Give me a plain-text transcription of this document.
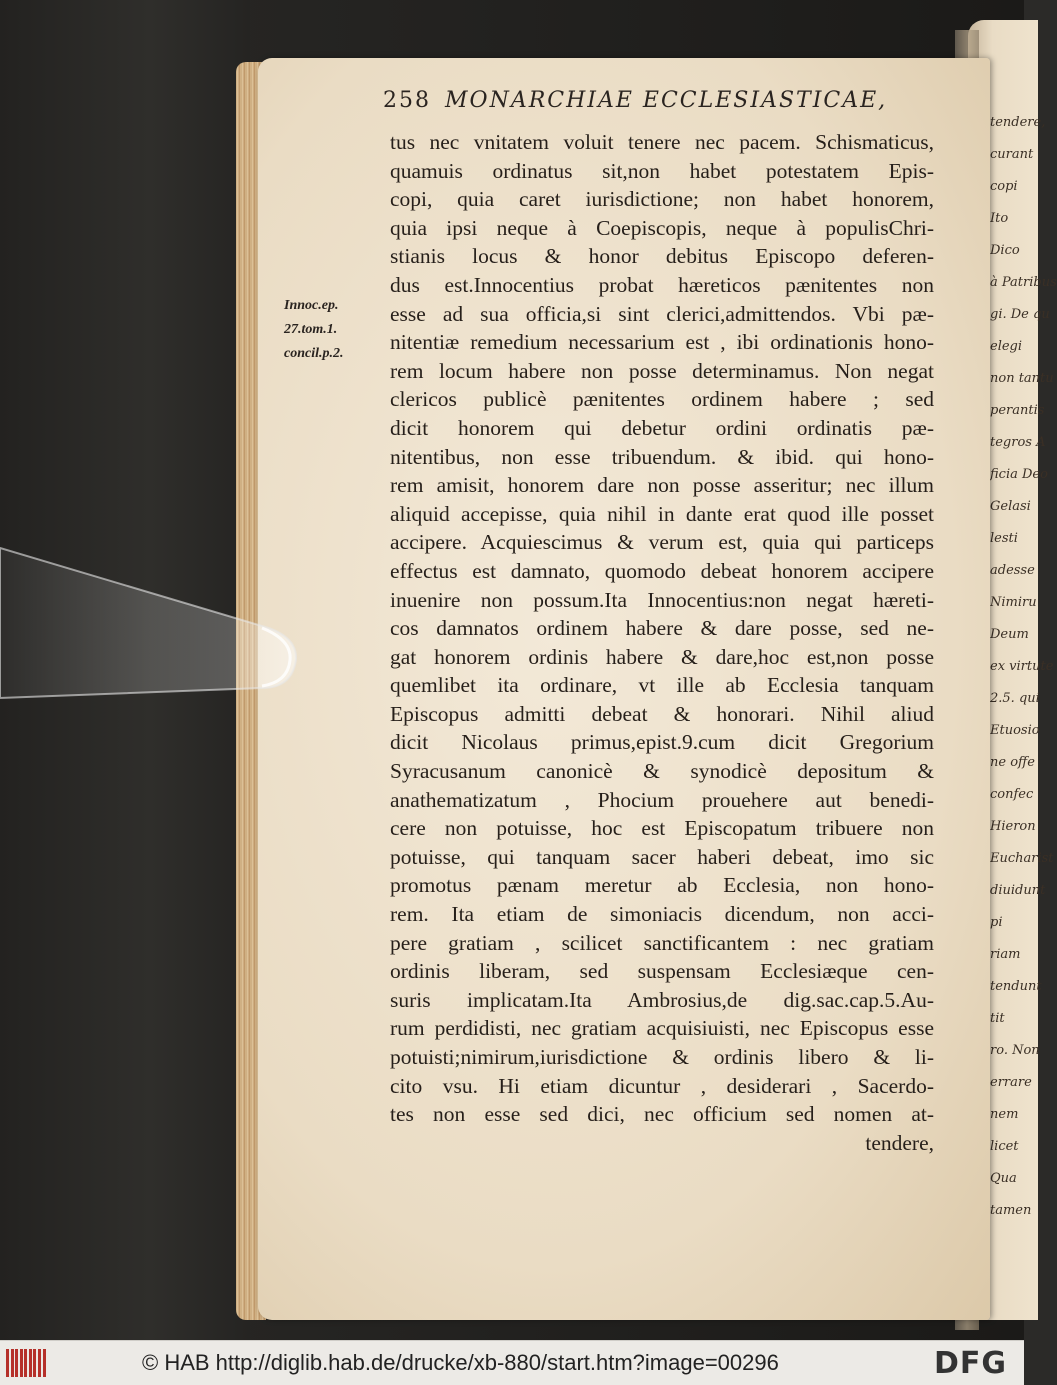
tendere,
curant
copi
Ito
Dico
à Patribus
gi. De qu
elegi
non tantu
perantis
tegros A
ficia Deo
Gelasi
lesti
adesse
Nimiru
Deum
ex virtute
2.5. qui
Etuosio
ne offe
confec
Hieron
Eucharist
diuidunt
pi
riam
tendunt
tit
ro. Non
errare
nem
licet
Qua
tamen
258 MONARCHIAE ECCLESIASTICAE,
Innoc.ep.
27.tom.1.
concil.p.2.
tus nec vnitatem voluit tenere nec pacem. Schismaticus,
quamuis ordinatus sit,non habet potestatem Epis-
copi, quia caret iurisdictione; non habet honorem,
quia ipsi neque à Coepiscopis, neque à populisChri-
stianis locus & honor debitus Episcopo deferen-
dus est.Innocentius probat hæreticos pænitentes non
esse ad sua officia,si sint clerici,admittendos. Vbi pæ-
nitentiæ remedium necessarium est , ibi ordinationis hono-
rem locum habere non posse determinamus. Non negat
clericos publicè pænitentes ordinem habere ; sed
dicit honorem qui debetur ordini ordinatis pæ-
nitentibus, non esse tribuendum. & ibid. qui hono-
rem amisit, honorem dare non posse asseritur; nec illum
aliquid accepisse, quia nihil in dante erat quod ille posset
accipere. Acquiescimus & verum est, quia qui particeps
effectus est damnato, quomodo debeat honorem accipere
inuenire non possum.Ita Innocentius:non negat hæreti-
cos damnatos ordinem habere & dare posse, sed ne-
gat honorem ordinis habere & dare,hoc est,non posse
quemlibet ita ordinare, vt ille ab Ecclesia tanquam
Episcopus admitti debeat & honorari. Nihil aliud
dicit Nicolaus primus,epist.9.cum dicit Gregorium
Syracusanum canonicè & synodicè depositum &
anathematizatum , Phocium prouehere aut benedi-
cere non potuisse, hoc est Episcopatum tribuere non
potuisse, qui tanquam sacer haberi debeat, imo sic
promotus pænam meretur ab Ecclesia, non hono-
rem. Ita etiam de simoniacis dicendum, non acci-
pere gratiam , scilicet sanctificantem : nec gratiam
ordinis liberam, sed suspensam Ecclesiæque cen-
suris implicatam.Ita Ambrosius,de dig.sac.cap.5.Au-
rum perdidisti, nec gratiam acquisiuisti, nec Episcopus esse
potuisti;nimirum,iurisdictione & ordinis libero & li-
cito vsu. Hi etiam dicuntur , desiderari , Sacerdo-
tes non esse sed dici, nec officium sed nomen at-
tendere,
© HAB http://diglib.hab.de/drucke/xb-880/start.htm?image=00296	DFG
